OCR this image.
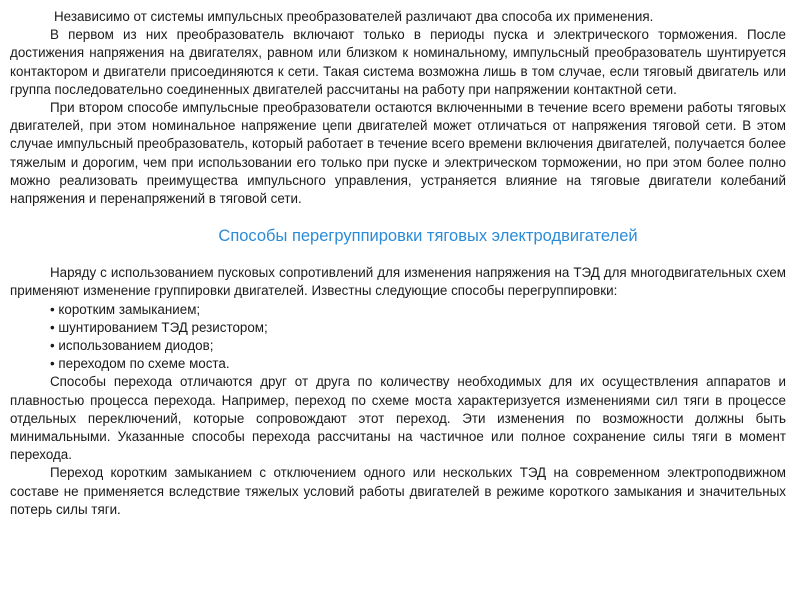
Независимо от системы импульсных преобразователей различают два способа их применения.

В первом из них преобразователь включают только в периоды пуска и электрического торможения. После достижения напряжения на двигателях, равном или близком к номинальному, импульсный преобразователь шунтируется контактором и двигатели присоединяются к сети. Такая система возможна лишь в том случае, если тяговый двигатель или группа последовательно соединенных двигателей рассчитаны на работу при напряжении контактной сети.

При втором способе импульсные преобразователи остаются включенными в течение всего времени работы тяговых двигателей, при этом номинальное напряжение цепи двигателей может отличаться от напряжения тяговой сети. В этом случае импульсный преобразователь, который работает в течение всего времени включения двигателей, получается более тяжелым и дорогим, чем при использовании его только при пуске и электрическом торможении, но при этом более полно можно реализовать преимущества импульсного управления, устраняется влияние на тяговые двигатели колебаний напряжения и перенапряжений в тяговой сети.

Способы перегруппировки тяговых электродвигателей

Наряду с использованием пусковых сопротивлений для изменения напряжения на ТЭД для многодвигательных схем применяют изменение группировки двигателей. Известны следующие способы перегруппировки:

• коротким замыканием;
• шунтированием ТЭД резистором;
• использованием диодов;
• переходом по схеме моста.

Способы перехода отличаются друг от друга по количеству необходимых для их осуществления аппаратов и плавностью процесса перехода. Например, переход по схеме моста характеризуется изменениями сил тяги в процессе отдельных переключений, которые сопровождают этот переход. Эти изменения по возможности должны быть минимальными. Указанные способы перехода рассчитаны на частичное или полное сохранение силы тяги в момент перехода.

Переход коротким замыканием с отключением одного или нескольких ТЭД на современном электроподвижном составе не применяется вследствие тяжелых условий работы двигателей в режиме короткого замыкания и значительных потерь силы тяги.
